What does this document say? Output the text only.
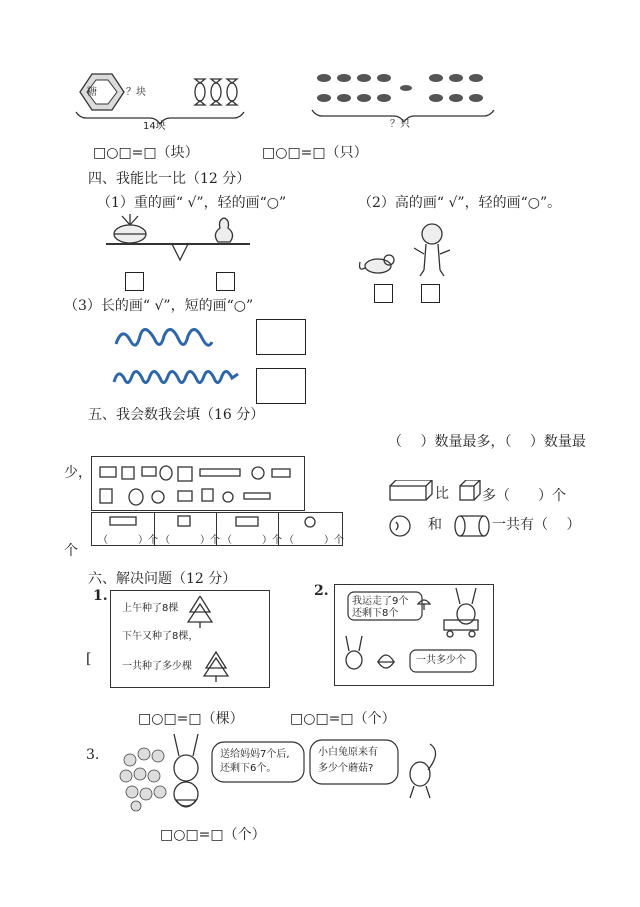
糖	？块
14块	？只
□○□=□（块）	□○□=□（只）
四、我能比一比（12 分）
（1）重的画“ √”，轻的画“○”	（2）高的画“ √”，轻的画“○”。
（3）长的画“ √”，短的画“○”
五、我会数我会填（16 分）
（　 ）数量最多，（　 ）数量最
少，
（　　　）个 （　　　）个 （　　　）个 （　　　）个
个
比 多（　　）个
和	一共有（　 ）
六、解决问题（12 分）
1.
上午种了8棵
下午又种了8棵，
一共种了多少棵
[
2.
我运走了9个
还剩下8个
一共多少个
□○□=□（棵）	□○□=□（个）
3.	送给妈妈7个后,
还剩下6个。
小白兔原来有
多少个蘑菇?
□○□=□（个）
